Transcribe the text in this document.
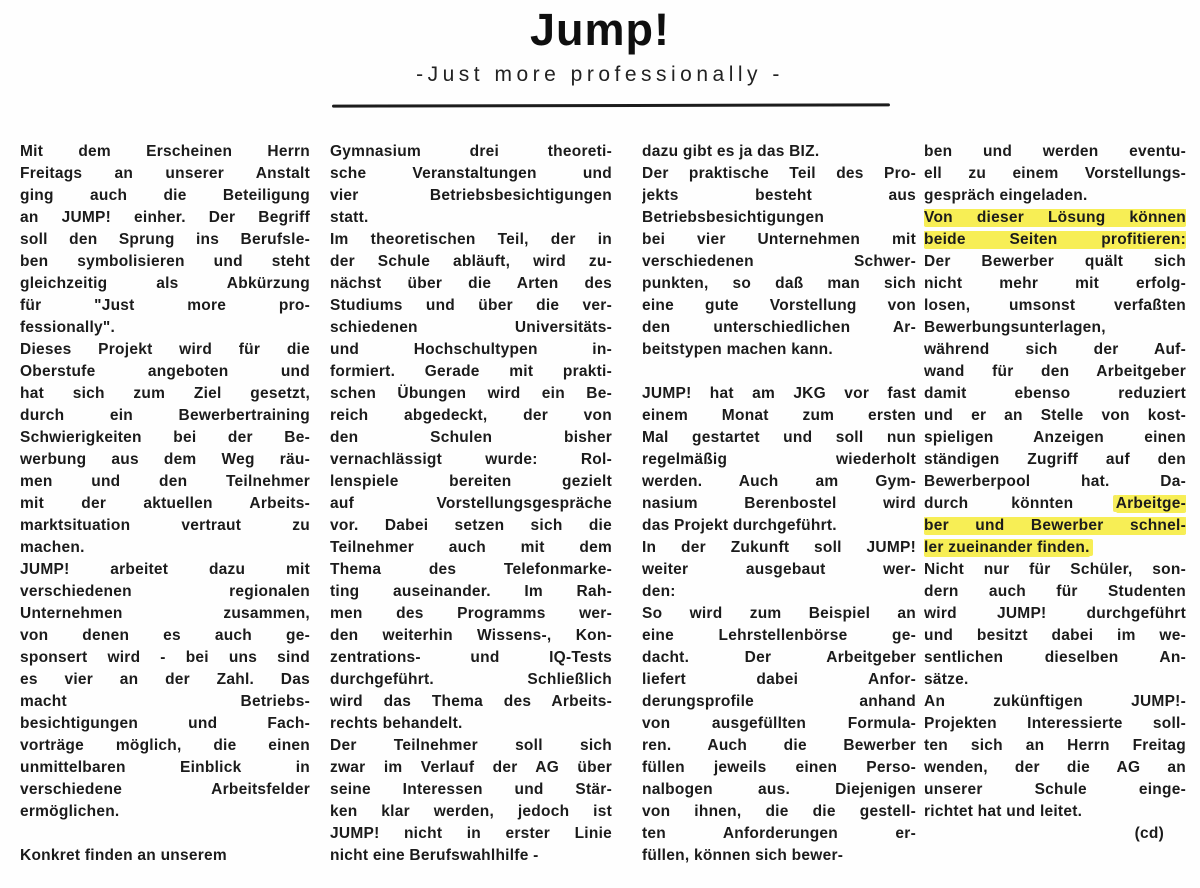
Jump!
-Just more professionally -
Mit dem Erscheinen Herrn
Freitags an unserer Anstalt
ging auch die Beteiligung
an JUMP! einher. Der Begriff
soll den Sprung ins Berufsle-
ben symbolisieren und steht
gleichzeitig als Abkürzung
für "Just more pro-
fessionally".
Dieses Projekt wird für die
Oberstufe angeboten und
hat sich zum Ziel gesetzt,
durch ein Bewerbertraining
Schwierigkeiten bei der Be-
werbung aus dem Weg räu-
men und den Teilnehmer
mit der aktuellen Arbeits-
marktsituation vertraut zu
machen.
JUMP! arbeitet dazu mit
verschiedenen regionalen
Unternehmen zusammen,
von denen es auch ge-
sponsert wird - bei uns sind
es vier an der Zahl. Das
macht Betriebs-
besichtigungen und Fach-
vorträge möglich, die einen
unmittelbaren Einblick in
verschiedene Arbeitsfelder
ermöglichen.

Konkret finden an unserem
Gymnasium drei theoreti-
sche Veranstaltungen und
vier Betriebsbesichtigungen
statt.
Im theoretischen Teil, der in
der Schule abläuft, wird zu-
nächst über die Arten des
Studiums und über die ver-
schiedenen Universitäts-
und Hochschultypen in-
formiert. Gerade mit prakti-
schen Übungen wird ein Be-
reich abgedeckt, der von
den Schulen bisher
vernachlässigt wurde: Rol-
lenspiele bereiten gezielt
auf Vorstellungsgespräche
vor. Dabei setzen sich die
Teilnehmer auch mit dem
Thema des Telefonmarke-
ting auseinander. Im Rah-
men des Programms wer-
den weiterhin Wissens-, Kon-
zentrations- und IQ-Tests
durchgeführt. Schließlich
wird das Thema des Arbeits-
rechts behandelt.
Der Teilnehmer soll sich
zwar im Verlauf der AG über
seine Interessen und Stär-
ken klar werden, jedoch ist
JUMP! nicht in erster Linie
nicht eine Berufswahlhilfe -
dazu gibt es ja das BIZ.
Der praktische Teil des Pro-
jekts besteht aus
Betriebsbesichtigungen
bei vier Unternehmen mit
verschiedenen Schwer-
punkten, so daß man sich
eine gute Vorstellung von
den unterschiedlichen Ar-
beitstypen machen kann.

JUMP! hat am JKG vor fast
einem Monat zum ersten
Mal gestartet und soll nun
regelmäßig wiederholt
werden. Auch am Gym-
nasium Berenbostel wird
das Projekt durchgeführt.
In der Zukunft soll JUMP!
weiter ausgebaut wer-
den:
So wird zum Beispiel an
eine Lehrstellenbörse ge-
dacht. Der Arbeitgeber
liefert dabei Anfor-
derungsprofile anhand
von ausgefüllten Formula-
ren. Auch die Bewerber
füllen jeweils einen Perso-
nalbogen aus. Diejenigen
von ihnen, die die gestell-
ten Anforderungen er-
füllen, können sich bewer-
ben und werden eventu-
ell zu einem Vorstellungs-
gespräch eingeladen.
Von dieser Lösung können
beide Seiten profitieren:
Der Bewerber quält sich
nicht mehr mit erfolg-
losen, umsonst verfaßten
Bewerbungsunterlagen,
während sich der Auf-
wand für den Arbeitgeber
damit ebenso reduziert
und er an Stelle von kost-
spieligen Anzeigen einen
ständigen Zugriff auf den
Bewerberpool hat. Da-
durch könnten Arbeitge-
ber und Bewerber schnel-
ler zueinander finden.
Nicht nur für Schüler, son-
dern auch für Studenten
wird JUMP! durchgeführt
und besitzt dabei im we-
sentlichen dieselben An-
sätze.
An zukünftigen JUMP!-
Projekten Interessierte soll-
ten sich an Herrn Freitag
wenden, der die AG an
unserer Schule einge-
richtet hat und leitet.
(cd)
